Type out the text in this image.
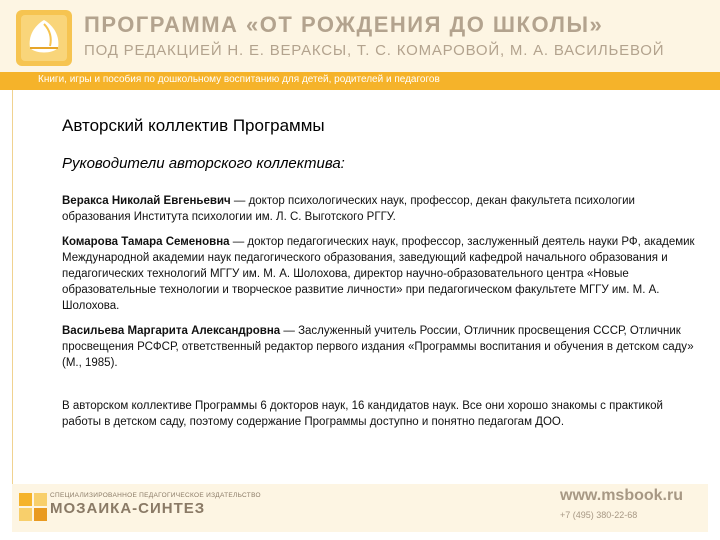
ПРОГРАММА «ОТ РОЖДЕНИЯ ДО ШКОЛЫ»
ПОД РЕДАКЦИЕЙ Н. Е. ВЕРАКСЫ, Т. С. КОМАРОВОЙ, М. А. ВАСИЛЬЕВОЙ
Книги, игры и пособия по дошкольному воспитанию для детей, родителей и педагогов
Авторский коллектив Программы
Руководители авторского коллектива:
Веракса Николай Евгеньевич — доктор психологических наук, профессор, декан факультета психологии образования Института психологии им. Л. С. Выготского РГГУ.
Комарова Тамара Семеновна — доктор педагогических наук, профессор, заслуженный деятель науки РФ, академик Международной академии наук педагогического образования, заведующий кафедрой начального образования и педагогических технологий МГГУ им. М. А. Шолохова, директор научно-образовательного центра «Новые образовательные технологии и творческое развитие личности» при педагогическом факультете МГГУ им. М. А. Шолохова.
Васильева Маргарита Александровна — Заслуженный учитель России, Отличник просвещения СССР, Отличник просвещения РСФСР, ответственный редактор первого издания «Программы воспитания и обучения в детском саду» (М., 1985).
В авторском коллективе Программы 6 докторов наук, 16 кандидатов наук. Все они хорошо знакомы с практикой работы в детском саду, поэтому содержание Программы доступно и понятно педагогам ДОО.
СПЕЦИАЛИЗИРОВАННОЕ ПЕДАГОГИЧЕСКОЕ ИЗДАТЕЛЬСТВО
МОЗАИКА-СИНТЕЗ
www.msbook.ru
+7 (495) 380-22-68
